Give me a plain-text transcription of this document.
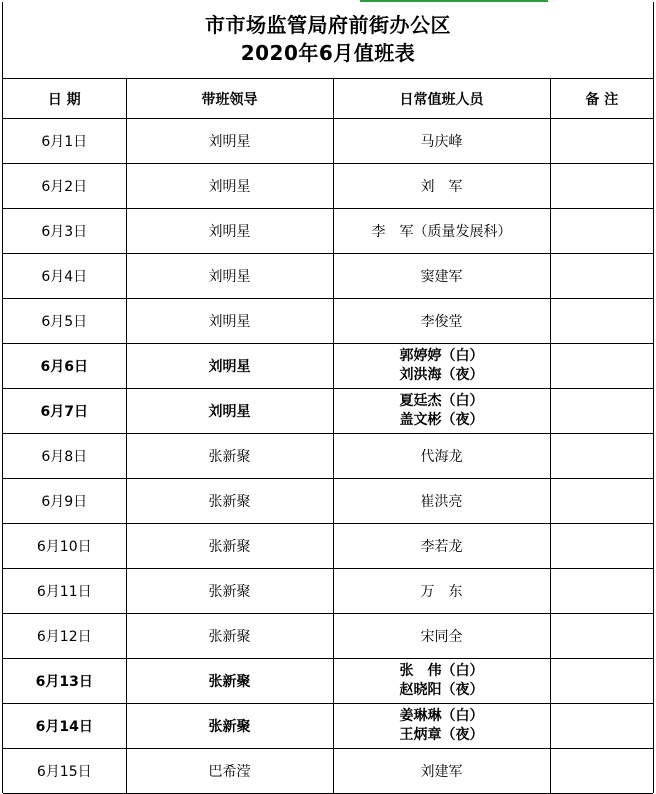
市市场监管局府前街办公区
2020年6月值班表
日 期	带班领导	日常值班人员	备 注
6月1日	刘明星	马庆峰	
6月2日	刘明星	刘　军	
6月3日	刘明星	李　军（质量发展科）	
6月4日	刘明星	窦建军	
6月5日	刘明星	李俊堂	
6月6日	刘明星	郭婷婷（白）
刘洪海（夜）	

6月7日	刘明星	夏廷杰（白）
盖文彬（夜）	

6月8日	张新聚	代海龙	
6月9日	张新聚	崔洪亮	
6月10日	张新聚	李若龙	
6月11日	张新聚	万　东	
6月12日	张新聚	宋同全	
6月13日	张新聚	张　伟（白）
赵晓阳（夜）	

6月14日	张新聚	姜琳琳（白）
王炳章（夜）	

6月15日	巴希滢	刘建军	
